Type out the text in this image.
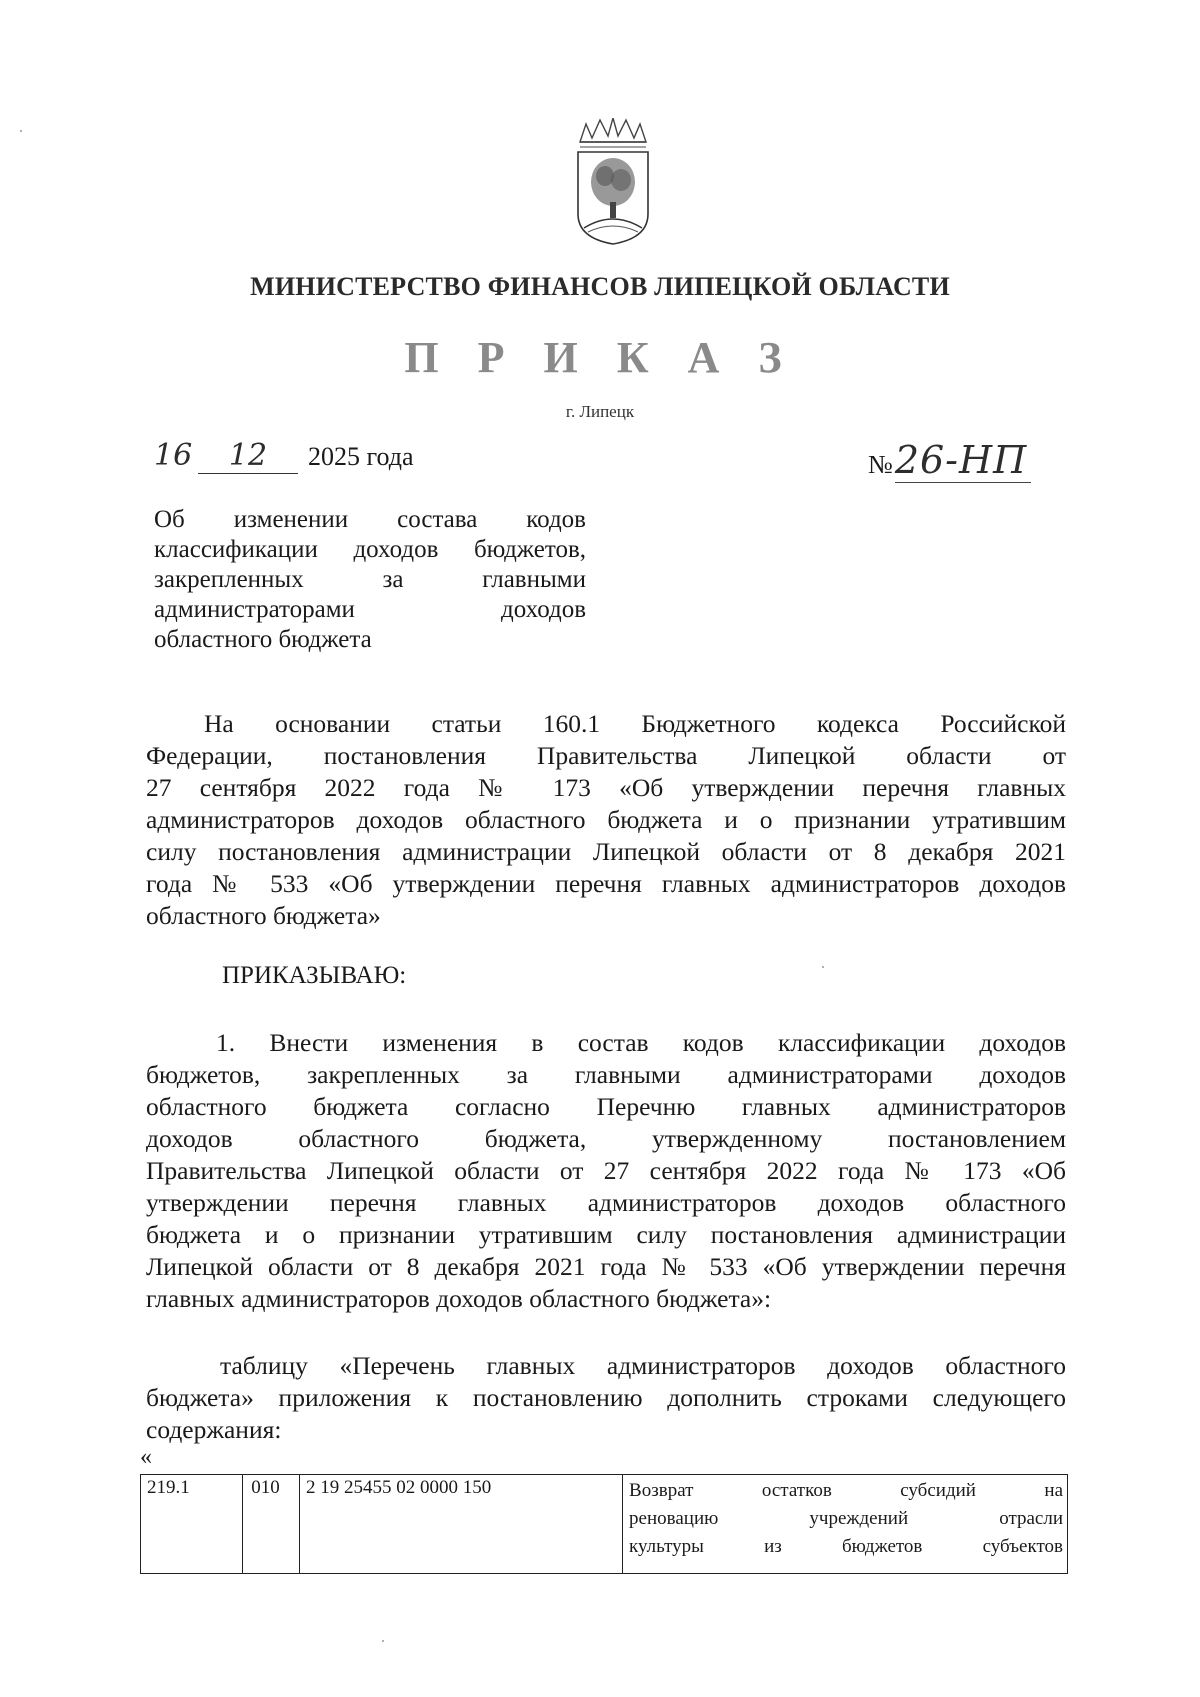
МИНИСТЕРСТВО ФИНАНСОВ ЛИПЕЦКОЙ ОБЛАСТИ
П Р И К А З
г. Липецк
16	12	2025 года	№ 26-НП
Об изменении состава кодов
классификации доходов бюджетов,
закрепленных за главными
администраторами доходов
областного бюджета
На основании статьи 160.1 Бюджетного кодекса Российской
Федерации, постановления Правительства Липецкой области от
27 сентября 2022 года № 173 «Об утверждении перечня главных
администраторов доходов областного бюджета и о признании утратившим
силу постановления администрации Липецкой области от 8 декабря 2021
года № 533 «Об утверждении перечня главных администраторов доходов
областного бюджета»
ПРИКАЗЫВАЮ:
1. Внести изменения в состав кодов классификации доходов
бюджетов, закрепленных за главными администраторами доходов
областного бюджета согласно Перечню главных администраторов
доходов областного бюджета, утвержденному постановлением
Правительства Липецкой области от 27 сентября 2022 года № 173 «Об
утверждении перечня главных администраторов доходов областного
бюджета и о признании утратившим силу постановления администрации
Липецкой области от 8 декабря 2021 года № 533 «Об утверждении перечня
главных администраторов доходов областного бюджета»:
таблицу «Перечень главных администраторов доходов областного
бюджета» приложения к постановлению дополнить строками следующего
содержания:
«
219.1	010	2 19 25455 02 0000 150	Возврат остатков субсидий на
реновацию учреждений отрасли
культуры из бюджетов субъектов
